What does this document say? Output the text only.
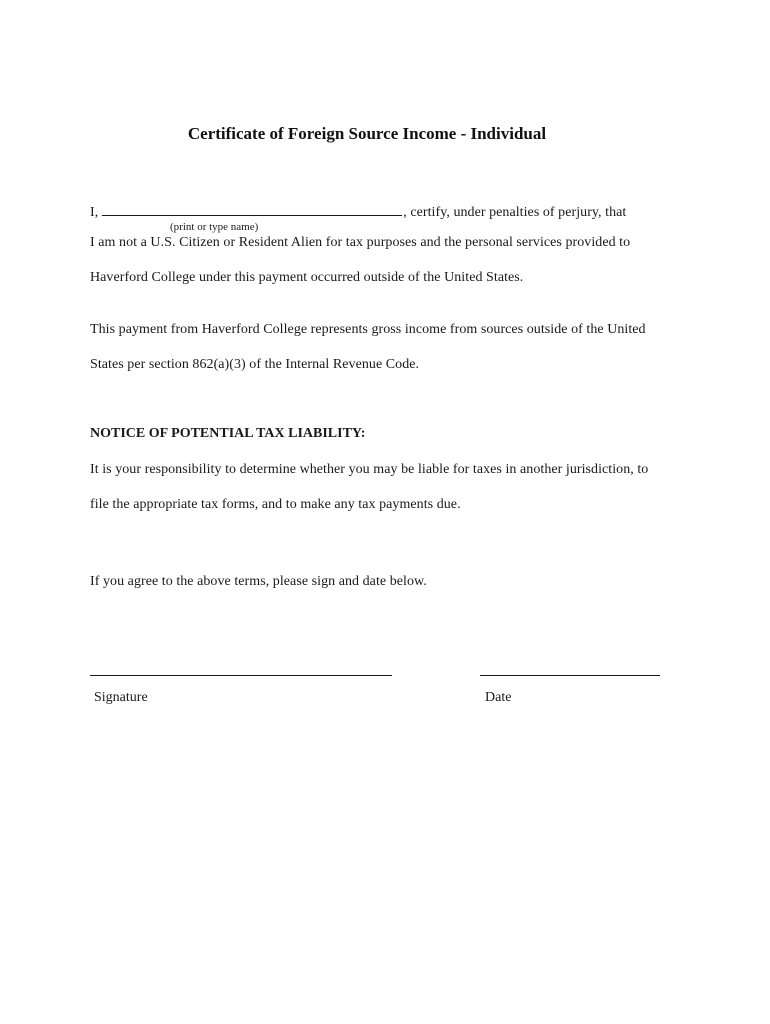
Certificate of Foreign Source Income - Individual
I,	, certify, under penalties of perjury, that
(print or type name)
I am not a U.S. Citizen or Resident Alien for tax purposes and the personal services provided to
Haverford College under this payment occurred outside of the United States.
This payment from Haverford College represents gross income from sources outside of the United
States per section 862(a)(3) of the Internal Revenue Code.
NOTICE OF POTENTIAL TAX LIABILITY:
It is your responsibility to determine whether you may be liable for taxes in another jurisdiction, to
file the appropriate tax forms, and to make any tax payments due.
If you agree to the above terms, please sign and date below.
Signature	Date
